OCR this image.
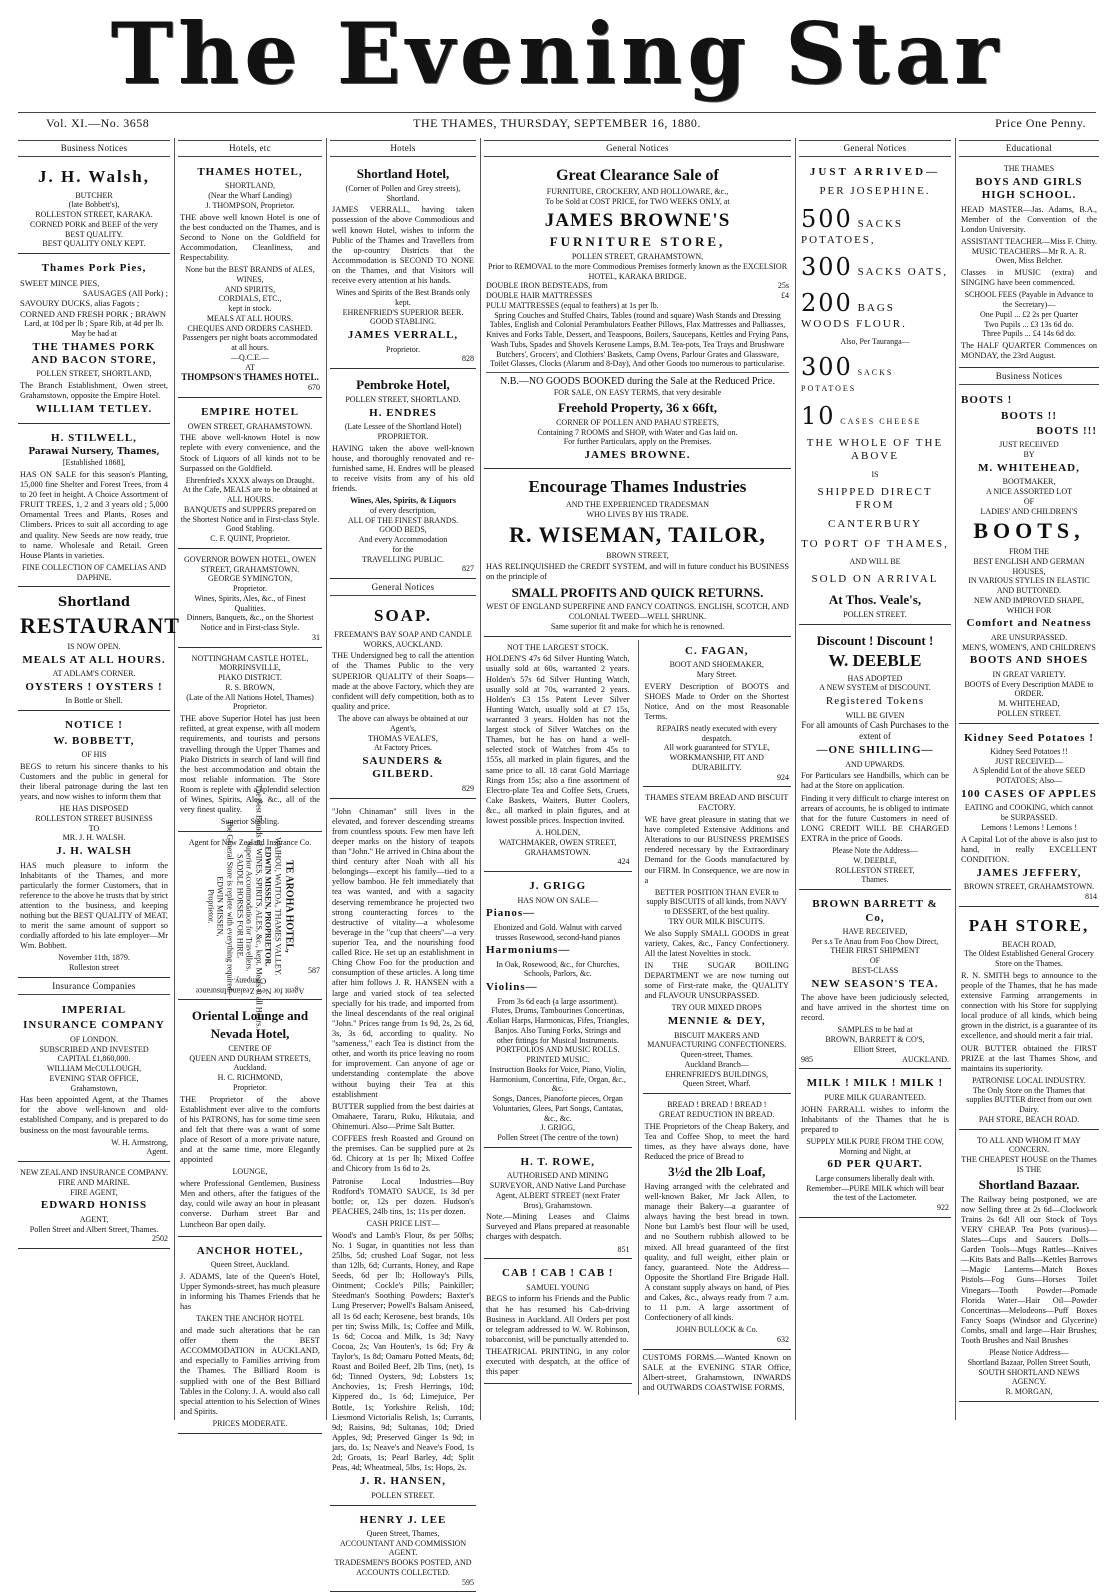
The Evening Star
Vol. XI.—No. 3658	THE THAMES, THURSDAY, SEPTEMBER 16, 1880.	Price One Penny.
Business Notices
J. H. Walsh,
BUTCHER
(late Bobbett's),
ROLLESTON STREET, KARAKA.
CORNED PORK and BEEF of the very
BEST QUALITY.
BEST QUALITY ONLY KEPT.
Thames Pork Pies,
SWEET MINCE PIES,
SAUSAGES (All Pork) ;
SAVOURY DUCKS, alias Fagots ;
CORNED AND FRESH PORK ; BRAWN
Lard, at 10d per lb ; Spare Rib, at 4d per lb.
May be had at
THE THAMES PORK AND BACON STORE,
POLLEN STREET, SHORTLAND,
The Branch Establishment, Owen street, Grahamstown, opposite the Empire Hotel.
WILLIAM TETLEY.
H. STILWELL,
Parawai Nursery, Thames,
[Established 1868],
HAS ON SALE for this season's Planting, 15,000 fine Shelter and Forest Trees, from 4 to 20 feet in height. A Choice Assortment of FRUIT TREES, 1, 2 and 3 years old ; 5,000 Ornamental Trees and Plants, Roses and Climbers. Prices to suit all according to age and quality. New Seeds are now ready, true to name. Wholesale and Retail. Green House Plants in varieties.
FINE COLLECTION OF CAMELIAS AND DAPHNE.
Shortland
RESTAURANT
IS NOW OPEN.
MEALS AT ALL HOURS.
AT ADLAM'S CORNER.
OYSTERS ! OYSTERS !
In Bottle or Shell.
NOTICE !
W. BOBBETT,
OF HIS
BEGS to return his sincere thanks to his Customers and the public in general for their liberal patronage during the last ten years, and now wishes to inform them that
HE HAS DISPOSED
ROLLESTON STREET BUSINESS
TO
MR. J. H. WALSH.
J. H. WALSH
HAS much pleasure to inform the Inhabitants of the Thames, and more particularly the former Customers, that in reference to the above he trusts that by strict attention to the business, and keeping nothing but the BEST QUALITY of MEAT, to merit the same amount of support so cordially afforded to his late employer—Mr Wm. Bobbett.
November 11th, 1879.
Rolleston street
Insurance Companies
IMPERIAL
INSURANCE COMPANY
OF LONDON.
SUBSCRIBED AND INVESTED
CAPITAL £1,860,000.
WILLIAM McCULLOUGH,
EVENING STAR OFFICE,
Grahamstown,
Has been appointed Agent, at the Thames for the above well-known and old-established Company, and is prepared to do business on the most favourable terms.
W. H. Armstrong,
Agent.
NEW ZEALAND INSURANCE COMPANY.
FIRE AND MARINE.
FIRE AGENT,
EDWARD HONISS
AGENT,
Pollen Street and Albert Street, Thames.
2502
Hotels, etc
THAMES HOTEL,
SHORTLAND,
(Near the Wharf Landing)
J. THOMPSON, Proprietor.
THE above well known Hotel is one of the best conducted on the Thames, and is Second to None on the Goldfield for Accommodation, Cleanliness, and Respectability.
None but the BEST BRANDS of ALES, WINES,
AND SPIRITS,
CORDIALS, ETC.,
kept in stock.
MEALS AT ALL HOURS.
CHEQUES AND ORDERS CASHED.
Passengers per night boats accommodated at all hours.
—Q.C.E.—
AT
THOMPSON'S THAMES HOTEL.
670
EMPIRE HOTEL
OWEN STREET, GRAHAMSTOWN.
THE above well-known Hotel is now replete with every convenience, and the Stock of Liquors of all kinds not to be Surpassed on the Goldfield.
Ehrenfried's XXXX always on Draught.
At the Cafe, MEALS are to be obtained at ALL HOURS.
BANQUETS and SUPPERS prepared on the Shortest Notice and in First-class Style.
Good Stabling.
C. F. QUINT, Proprietor.
GOVERNOR BOWEN HOTEL, OWEN STREET, GRAHAMSTOWN.
GEORGE SYMINGTON,
Proprietor.
Wines, Spirits, Ales, &c., of Finest Qualities.
Dinners, Banquets, &c., on the Shortest Notice and in First-class Style.
31
NOTTINGHAM CASTLE HOTEL, MORRINSVILLE,
PIAKO DISTRICT.
R. S. BROWN,
(Late of the All Nations Hotel, Thames) Proprietor.
THE above Superior Hotel has just been refitted, at great expense, with all modern requirements, and tourists and persons travelling through the Upper Thames and Piako Districts in search of land will find the best accommodation and obtain the most reliable information. The Store Room is replete with a splendid selection of Wines, Spirits, Ales, &c., all of the very finest quality.
Superior Stabling.
Agent for New Zealand Insurance Co.
TE AROHA HOTEL,
WAIHOU, WAITOA, THAMES VALLEY.
EDWIN MISSEN, PROPRIETOR.
The Best Brands of WINES, SPIRITS, ALES, &c., kept. Meals at all Hours.
Superior Accommodation for Travellers.
SADDLE HORSES FOR HIRE.
The General Store is replete with everything required.
EDWIN MISSEN,
Proprietor.
587
Agent for New Zealand Insurance Company.
Oriental Lounge and
Nevada Hotel,
CENTRE OF
QUEEN AND DURHAM STREETS,
Auckland.
H. C. RICHMOND,
Proprietor.
THE Proprietor of the above Establishment ever alive to the comforts of his PATRONS, has for some time seen and felt that there was a want of some place of Resort of a more private nature, and at the same time, more Elegantly appointed
LOUNGE,
where Professional Gentlemen, Business Men and others, after the fatigues of the day, could wile away an hour in pleasant converse. Durham street Bar and Luncheon Bar open daily.
ANCHOR HOTEL,
Queen Street, Auckland.
J. ADAMS, late of the Queen's Hotel, Upper Symonds-street, has much pleasure in informing his Thames Friends that he has
TAKEN THE ANCHOR HOTEL
and made such alterations that he can offer them the BEST ACCOMMODATION in AUCKLAND, and especially to Families arriving from the Thames. The Billiard Room is supplied with one of the Best Billiard Tables in the Colony. J. A. would also call special attention to his Selection of Wines and Spirits.
PRICES MODERATE.
Hotels
Shortland Hotel,
(Corner of Pollen and Grey streets), Shortland.
JAMES VERRALL, having taken possession of the above Commodious and well known Hotel, wishes to inform the Public of the Thames and Travellers from the up-country Districts that the Accommodation is SECOND TO NONE on the Thames, and that Visitors will receive every attention at his hands.
Wines and Spirits of the Best Brands only kept.
EHRENFRIED'S SUPERIOR BEER.
GOOD STABLING.
JAMES VERRALL,
Proprietor.
828
Pembroke Hotel,
POLLEN STREET, SHORTLAND.
H. ENDRES
(Late Lessee of the Shortland Hotel)
PROPRIETOR.
HAVING taken the above well-known house, and thoroughly renovated and re-furnished same, H. Endres will be pleased to receive visits from any of his old friends.
Wines, Ales, Spirits, & Liquors
of every description,
ALL OF THE FINEST BRANDS.
GOOD BEDS,
And every Accommodation
for the
TRAVELLING PUBLIC.
827
General Notices
SOAP.
FREEMAN'S BAY SOAP AND CANDLE WORKS, AUCKLAND.
THE Undersigned beg to call the attention of the Thames Public to the very SUPERIOR QUALITY of their Soaps—made at the above Factory, which they are confident will defy competition, both as to quality and price.
The above can always be obtained at our Agent's,
THOMAS VEALE'S,
At Factory Prices.
SAUNDERS & GILBERD.
829
"John Chinaman" still lives in the elevated, and forever descending streams from countless spouts. Few men have left deeper marks on the history of teapots than "John." He arrived in China about the third century after Noah with all his belongings—except his family—tied to a yellow bamboo. He felt immediately that tea was wanted, and with a sagacity deserving remembrance he projected two strong counteracting forces to the destructive of vitality—a wholesome beverage in the "cup that cheers"—a very superior Tea, and the nourishing food called Rice. He set up an establishment in Ching Chow Foo for the production and consumption of these articles. A long time after him follows J. R. HANSEN with a large and varied stock of tea selected specially for his trade, and imported from the lineal descendants of the real original "John." Prices range from 1s 9d, 2s, 2s 6d, 3s, 3s 6d, according to quality. No "sameness," each Tea is distinct from the other, and worth its price leaving no room for improvement. Can anyone of age or understanding contemplate the above without buying their Tea at this establishment
BUTTER supplied from the best dairies at Omahaere, Tararu, Ruku, Hikutaia, and Ohinemuri. Also—Prime Salt Butter.
COFFEES fresh Roasted and Ground on the premises. Can be supplied pure at 2s 6d. Chicory at 1s per lb; Mixed Coffee and Chicory from 1s 6d to 2s.
Patronise Local Industries—Buy Rodford's TOMATO SAUCE, 1s 3d per bottle; or, 12s per dozen. Hudson's PEACHES, 24lb tins, 1s; 11s per dozen.
CASH PRICE LIST—
Wood's and Lamb's Flour, 8s per 50lbs; No. 1 Sugar, in quantities not less than 25lbs, 5d; crushed Loaf Sugar, not less than 12lb, 6d; Currants, Honey, and Rape Seeds, 6d per lb; Holloway's Pills, Ointment; Cockle's Pills; Painkiller; Steedman's Soothing Powders; Baxter's Lung Preserver; Powell's Balsam Aniseed, all 1s 6d each; Kerosene, best brands, 10s per tin; Swiss Milk, 1s; Coffee and Milk, 1s 6d; Cocoa and Milk, 1s 3d; Navy Cocoa, 2s; Van Houten's, 1s 6d; Fry & Taylor's, 1s 8d; Oamaru Potted Meats, 8d; Roast and Boiled Beef, 2lb Tins, (net), 1s 6d; Tinned Oysters, 9d; Lobsters 1s; Anchovies, 1s; Fresh Herrings, 10d; Kippered do., 1s 6d; Limejuice, Per Bottle, 1s; Yorkshire Relish, 10d; Liesmond Victorialis Relish, 1s; Currants, 9d; Raisins, 9d; Sultanas, 10d; Dried Apples, 9d; Preserved Ginger 1s 9d; in jars, do. 1s; Neave's and Neave's Food, 1s 2d; Groats, 1s; Pearl Barley, 4d; Split Peas, 4d; Wheatmeal, 5lbs, 1s; Hops, 2s.
J. R. HANSEN,
POLLEN STREET.
HENRY J. LEE
Queen Street, Thames,
ACCOUNTANT AND COMMISSION AGENT.
TRADESMEN'S BOOKS POSTED, AND ACCOUNTS COLLECTED.
595
General Notices
Great Clearance Sale of
FURNITURE, CROCKERY, AND HOLLOWARE, &c.,
To be Sold at COST PRICE, for TWO WEEKS ONLY, at
JAMES BROWNE'S
FURNITURE STORE,
POLLEN STREET, GRAHAMSTOWN,
Prior to REMOVAL to the more Commodious Premises formerly known as the EXCELSIOR HOTEL, KARAKA BRIDGE.
DOUBLE IRON BEDSTEADS, from	25s
DOUBLE HAIR MATTRESSES	£4
PULU MATTRESSES (equal to feathers) at 1s per lb.
Spring Couches and Stuffed Chairs, Tables (round and square) Wash Stands and Dressing Tables, English and Colonial Perambulators Feather Pillows, Flax Mattresses and Palliasses, Knives and Forks Table, Dessert, and Teaspoons, Boilers, Saucepans, Kettles and Frying Pans, Wash Tubs, Spades and Shovels Kerosene Lamps, B.M. Tea-pots, Tea Trays and Brushware Butchers', Grocers', and Clothiers' Baskets, Camp Ovens, Parlour Grates and Glassware, Toilet Glasses, Clocks (Alarum and 8-Day), And other Goods too numerous to particularise.
N.B.—NO GOODS BOOKED during the Sale at the Reduced Price.
FOR SALE, ON EASY TERMS, that very desirable
Freehold Property, 36 x 66ft,
CORNER OF POLLEN AND PAHAU STREETS,
Containing 7 ROOMS and SHOP, with Water and Gas laid on.
For further Particulars, apply on the Premises.
JAMES BROWNE.
Encourage Thames Industries
AND THE EXPERIENCED TRADESMAN
WHO LIVES BY HIS TRADE.
R. WISEMAN, TAILOR,
BROWN STREET,
HAS RELINQUISHED the CREDIT SYSTEM, and will in future conduct his BUSINESS on the principle of
SMALL PROFITS AND QUICK RETURNS.
WEST OF ENGLAND SUPERFINE AND FANCY COATINGS. ENGLISH, SCOTCH, AND COLONIAL TWEED—WELL SHRUNK.
Same superior fit and make for which he is renowned.
NOT THE LARGEST STOCK.
HOLDEN'S 47s 6d Silver Hunting Watch, usually sold at 60s, warranted 2 years. Holden's 57s 6d Silver Hunting Watch, usually sold at 70s, warranted 2 years. Holden's £3 15s Patent Lever Silver Hunting Watch, usually sold at £7 15s, warranted 3 years. Holden has not the largest stock of Silver Watches on the Thames, but he has on hand a well-selected stock of Watches from 45s to 155s, all marked in plain figures, and the same price to all. 18 carat Gold Marriage Rings from 15s; also a fine assortment of Electro-plate Tea and Coffee Sets, Cruets, Cake Baskets, Waiters, Butter Coolers, &c., all marked in plain figures, and at lowest possible prices. Inspection invited.
A. HOLDEN,
WATCHMAKER, OWEN STREET, GRAHAMSTOWN.
424
J. GRIGG
HAS NOW ON SALE—
Pianos—
Ebonized and Gold. Walnut with carved trusses Rosewood, second-hand pianos
Harmoniums—
In Oak, Rosewood, &c., for Churches, Schools, Parlors, &c.
Violins—
From 3s 6d each (a large assortment). Flutes, Drums, Tambourines Concertinas, Æolian Harps, Harmonicas, Fifes, Triangles, Banjos. Also Tuning Forks, Strings and other fittings for Musical Instruments.
PORTFOLIOS AND MUSIC ROLLS.
PRINTED MUSIC.
Instruction Books for Voice, Piano, Violin, Harmonium, Concertina, Fife, Organ, &c., &c.
Songs, Dances, Pianoforte pieces, Organ Voluntaries, Glees, Part Songs, Cantatas, &c., &c.
J. GRIGG,
Pollen Street (The centre of the town)
H. T. ROWE,
AUTHORISED AND MINING SURVEYOR, AND Native Land Purchase Agent, ALBERT STREET (next Frater Bros), Grahamstown.
Note.—Mining Leases and Claims Surveyed and Plans prepared at reasonable charges with despatch.
851
CAB ! CAB ! CAB !
SAMUEL YOUNG
BEGS to inform his Friends and the Public that he has resumed his Cab-driving Business in Auckland. All Orders per post or telegram addressed to W. W. Robinson, tobacconist, will be punctually attended to.
THEATRICAL PRINTING, in any color executed with despatch, at the office of this paper
C. FAGAN,
BOOT AND SHOEMAKER,
Mary Street.
EVERY Description of BOOTS and SHOES Made to Order on the Shortest Notice, And on the most Reasonable Terms.
REPAIRS neatly executed with every despatch.
All work guaranteed for STYLE, WORKMANSHIP, FIT AND DURABILITY.
924
THAMES STEAM BREAD AND BISCUIT FACTORY.
WE have great pleasure in stating that we have completed Extensive Additions and Alterations to our BUSINESS PREMISES rendered necessary by the Extraordinary Demand for the Goods manufactured by our FIRM. In Consequence, we are now in a
BETTER POSITION THAN EVER to supply BISCUITS of all kinds, from NAVY to DESSERT, of the best quality.
TRY OUR MILK BISCUITS.
We also Supply SMALL GOODS in great variety, Cakes, &c., Fancy Confectionery. All the latest Novelties in stock.
IN THE SUGAR BOILING DEPARTMENT we are now turning out some of First-rate make, the QUALITY and FLAVOUR UNSURPASSED.
TRY OUR MIXED DROPS
MENNIE & DEY,
BISCUIT MAKERS AND MANUFACTURING CONFECTIONERS.
Queen-street, Thames.
Auckland Branch—
EHRENFRIED'S BUILDINGS,
Queen Street, Wharf.
BREAD ! BREAD ! BREAD !
GREAT REDUCTION IN BREAD.
THE Proprietors of the Cheap Bakery, and Tea and Coffee Shop, to meet the hard times, as they have always done, have Reduced the price of Bread to
3½d the 2lb Loaf,
Having arranged with the celebrated and well-known Baker, Mr Jack Allen, to manage their Bakery—a guarantee of always having the best bread in town. None but Lamb's best flour will be used, and no Southern rubbish allowed to be mixed. All bread guaranteed of the first quality, and full weight, either plain or fancy, guaranteed. Note the Address—Opposite the Shortland Fire Brigade Hall. A constant supply always on hand, of Pies and Cakes, &c., always ready from 7 a.m. to 11 p.m. A large assortment of Confectionery of all kinds.
JOHN BULLOCK & Co.
632
CUSTOMS FORMS.—Wanted Known on SALE at the EVENING STAR Office, Albert-street, Grahamstown, INWARDS and OUTWARDS COASTWISE FORMS,
General Notices
JUST ARRIVED—
PER JOSEPHINE.
500 SACKS POTATOES,
300 SACKS OATS,
200 BAGS WOODS FLOUR.
Also, Per Tauranga—
300 SACKS POTATOES
10 CASES CHEESE
THE WHOLE OF THE ABOVE
IS
SHIPPED DIRECT FROM
CANTERBURY
TO PORT OF THAMES,
AND WILL BE
SOLD ON ARRIVAL
At Thos. Veale's,
POLLEN STREET.
Discount ! Discount !
W. DEEBLE
HAS ADOPTED
A NEW SYSTEM of DISCOUNT.
Registered Tokens
WILL BE GIVEN
For all amounts of Cash Purchases to the extent of
—ONE SHILLING—
AND UPWARDS.
For Particulars see Handbills, which can be had at the Store on application.
Finding it very difficult to charge interest on arrears of accounts, he is obliged to intimate that for the future Customers in need of LONG CREDIT WILL BE CHARGED EXTRA in the price of Goods.
Please Note the Address—
W. DEEBLE,
ROLLESTON STREET,
Thames.
BROWN BARRETT & Co,
HAVE RECEIVED,
Per s.s Te Anau from Foo Chow Direct,
THEIR FIRST SHIPMENT
OF
BEST-CLASS
NEW SEASON'S TEA.
The above have been judiciously selected, and have arrived in the shortest time on record.
SAMPLES to be had at
BROWN, BARRETT & CO'S,
Elliott Street,
985	AUCKLAND.
MILK ! MILK ! MILK !
PURE MILK GUARANTEED.
JOHN FARRALL wishes to inform the Inhabitants of the Thames that he is prepared to
SUPPLY MILK PURE FROM THE COW,
Morning and Night, at
6D PER QUART.
Large consumers liberally dealt with.
Remember—PURE MILK which will bear the test of the Lactometer.
922
Educational
THE THAMES
BOYS AND GIRLS HIGH SCHOOL.
HEAD MASTER—Jas. Adams, B.A., Member of the Convention of the London University.
ASSISTANT TEACHER—Miss F. Chitty.
MUSIC TEACHERS—Mr R. A. R. Owen, Miss Belcher.
Classes in MUSIC (extra) and SINGING have been commenced.
SCHOOL FEES (Payable in Advance to the Secretary)—
One Pupil ... £2 2s per Quarter
Two Pupils ... £3 13s 6d do.
Three Pupils ... £4 14s 6d do.
The HALF QUARTER Commences on MONDAY, the 23rd August.
Business Notices
BOOTS !
BOOTS !!
BOOTS !!!
JUST RECEIVED
BY
M. WHITEHEAD,
BOOTMAKER,
A NICE ASSORTED LOT
OF
LADIES' AND CHILDREN'S
BOOTS,
FROM THE
BEST ENGLISH AND GERMAN HOUSES,
IN VARIOUS STYLES IN ELASTIC AND BUTTONED.
NEW AND IMPROVED SHAPE,
WHICH FOR
Comfort and Neatness
ARE UNSURPASSED.
MEN'S, WOMEN'S, AND CHILDREN'S
BOOTS AND SHOES
IN GREAT VARIETY.
BOOTS of Every Description MADE to ORDER.
M. WHITEHEAD,
POLLEN STREET.
Kidney Seed Potatoes !
Kidney Seed Potatoes !!
JUST RECEIVED—
A Splendid Lot of the above SEED POTATOES; Also—
100 CASES OF APPLES
EATING and COOKING, which cannot be SURPASSED.
Lemons ! Lemons ! Lemons !
A Capital Lot of the above is also just to hand, in really EXCELLENT CONDITION.
JAMES JEFFERY,
BROWN STREET, GRAHAMSTOWN.
814
PAH STORE,
BEACH ROAD,
The Oldest Established General Grocery Store on the Thames.
R. N. SMITH begs to announce to the people of the Thames, that he has made extensive Farming arrangements in connection with his Store for supplying local produce of all kinds, which being grown in the district, is a guarantee of its excellence, and should merit a fair trial.
OUR BUTTER obtained the FIRST PRIZE at the last Thames Show, and maintains its superiority.
PATRONISE LOCAL INDUSTRY.
The Only Store on the Thames that supplies BUTTER direct from our own Dairy.
PAH STORE, BEACH ROAD.
TO ALL AND WHOM IT MAY CONCERN.
THE CHEAPEST HOUSE on the Thames
IS THE
Shortland Bazaar.
The Railway being postponed, we are now Selling three at 2s 6d—Clockwork Trains 2s 6d! All our Stock of Toys VERY CHEAP. Tea Pots (various)—Slates—Cups and Saucers Dolls—Garden Tools—Mugs Rattles—Knives—Kits Bats and Balls—Kettles Barrows—Magic Lanterns—Match Boxes Pistols—Fog Guns—Horses Toilet Vinegars—Tooth Powder—Pomade Florida Water—Hair Oil—Powder Concertinas—Melodeons—Puff Boxes Fancy Soaps (Windsor and Glycerine) Combs, small and large—Hair Brushes; Tooth Brushes and Nail Brushes
Please Notice Address—
Shortland Bazaar, Pollen Street South,
SOUTH SHORTLAND NEWS AGENCY.
R. MORGAN,
